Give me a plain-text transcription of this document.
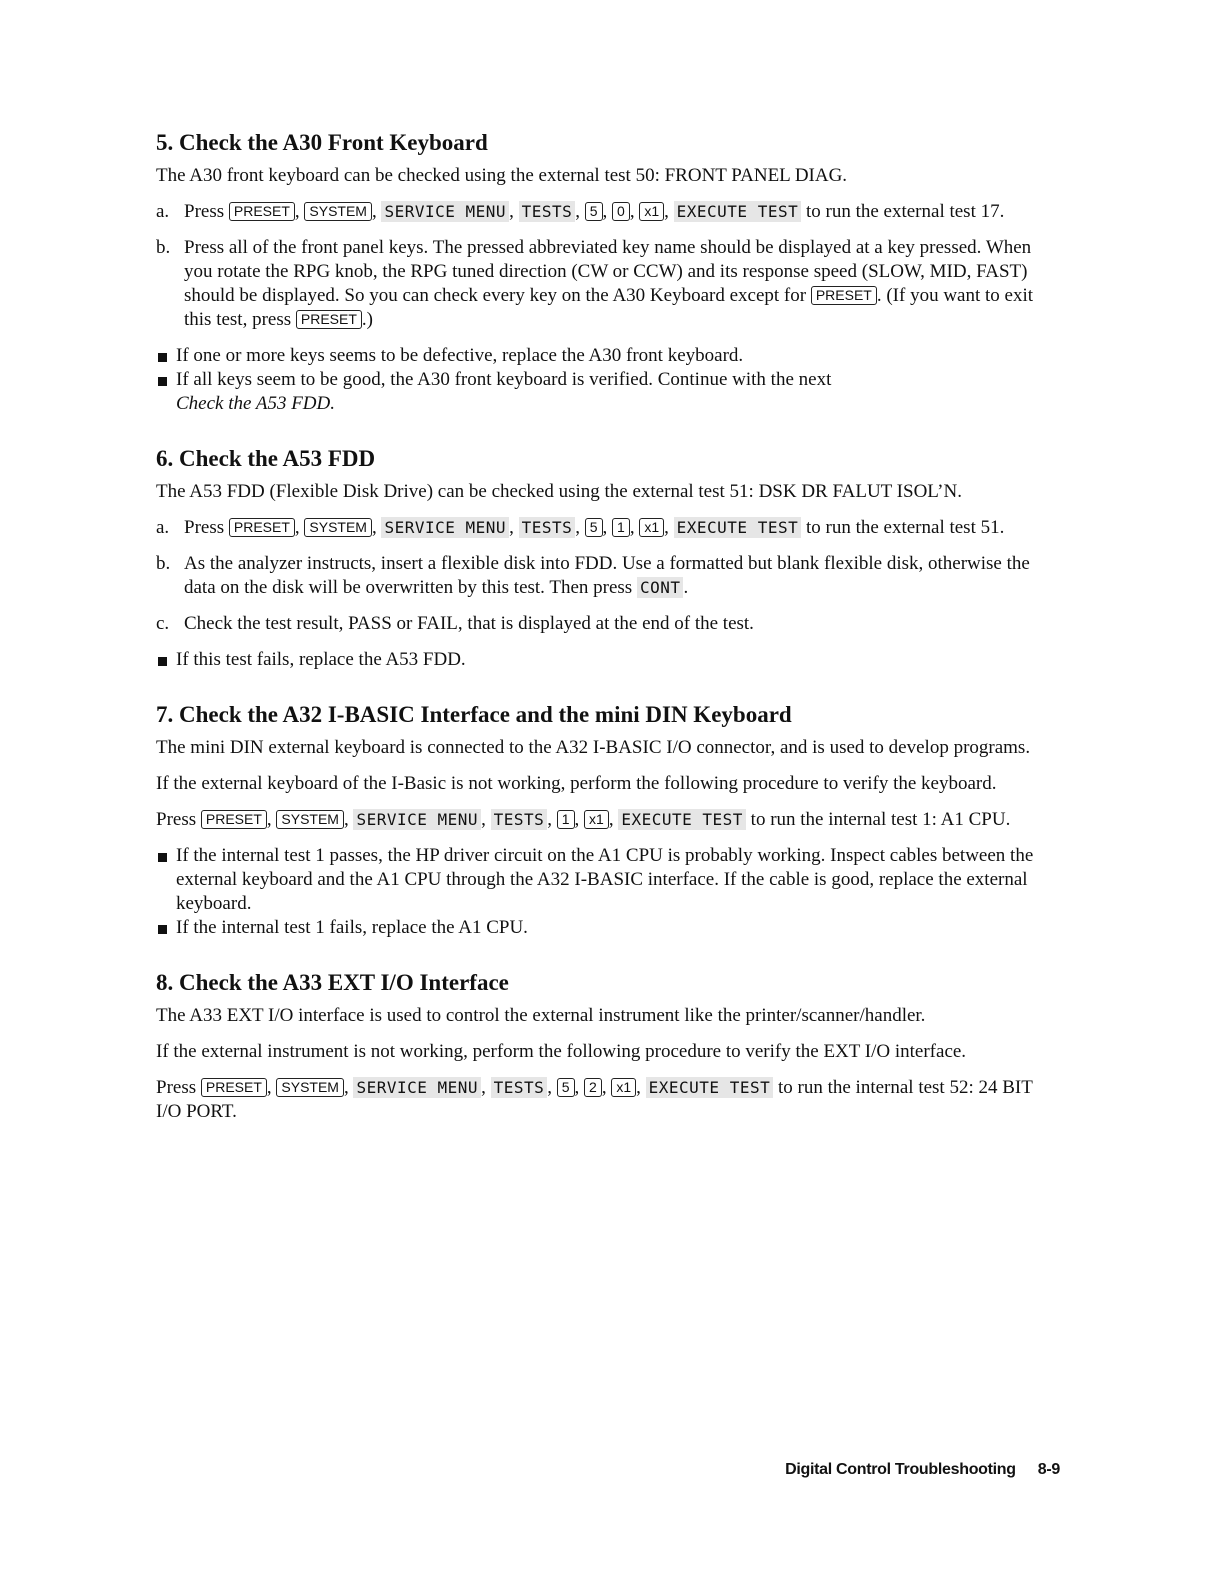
5. Check the A30 Front Keyboard

The A30 front keyboard can be checked using the external test 50: FRONT PANEL DIAG.

a. Press PRESET , SYSTEM , SERVICE MENU , TESTS , 5 , 0 , x1 , EXECUTE TEST to run the external test 17.
b. Press all of the front panel keys. The pressed abbreviated key name should be displayed at a key pressed. When you rotate the RPG knob, the RPG tuned direction (CW or CCW) and its response speed (SLOW, MID, FAST) should be displayed. So you can check every key on the A30 Keyboard except for PRESET . (If you want to exit this test, press PRESET .)
If one or more keys seems to be defective, replace the A30 front keyboard.
If all keys seem to be good, the A30 front keyboard is verified. Continue with the next
Check the A53 FDD.
6. Check the A53 FDD

The A53 FDD (Flexible Disk Drive) can be checked using the external test 51: DSK DR FALUT ISOL’N.

a. Press PRESET , SYSTEM , SERVICE MENU , TESTS , 5 , 1 , x1 , EXECUTE TEST to run the external test 51.
b. As the analyzer instructs, insert a flexible disk into FDD. Use a formatted but blank flexible disk, otherwise the data on the disk will be overwritten by this test. Then press CONT .
c. Check the test result, PASS or FAIL, that is displayed at the end of the test.
If this test fails, replace the A53 FDD.
7. Check the A32 I-BASIC Interface and the mini DIN Keyboard

The mini DIN external keyboard is connected to the A32 I-BASIC I/O connector, and is used to develop programs.

If the external keyboard of the I-Basic is not working, perform the following procedure to verify the keyboard.

Press PRESET , SYSTEM , SERVICE MENU , TESTS , 1 , x1 , EXECUTE TEST to run the internal test 1: A1 CPU.

If the internal test 1 passes, the HP driver circuit on the A1 CPU is probably working. Inspect cables between the external keyboard and the A1 CPU through the A32 I-BASIC interface. If the cable is good, replace the external keyboard.
If the internal test 1 fails, replace the A1 CPU.
8. Check the A33 EXT I/O Interface

The A33 EXT I/O interface is used to control the external instrument like the printer/scanner/handler.

If the external instrument is not working, perform the following procedure to verify the EXT I/O interface.

Press PRESET , SYSTEM , SERVICE MENU , TESTS , 5 , 2 , x1 , EXECUTE TEST to run the internal test 52: 24 BIT I/O PORT.

Digital Control Troubleshooting 8-9
